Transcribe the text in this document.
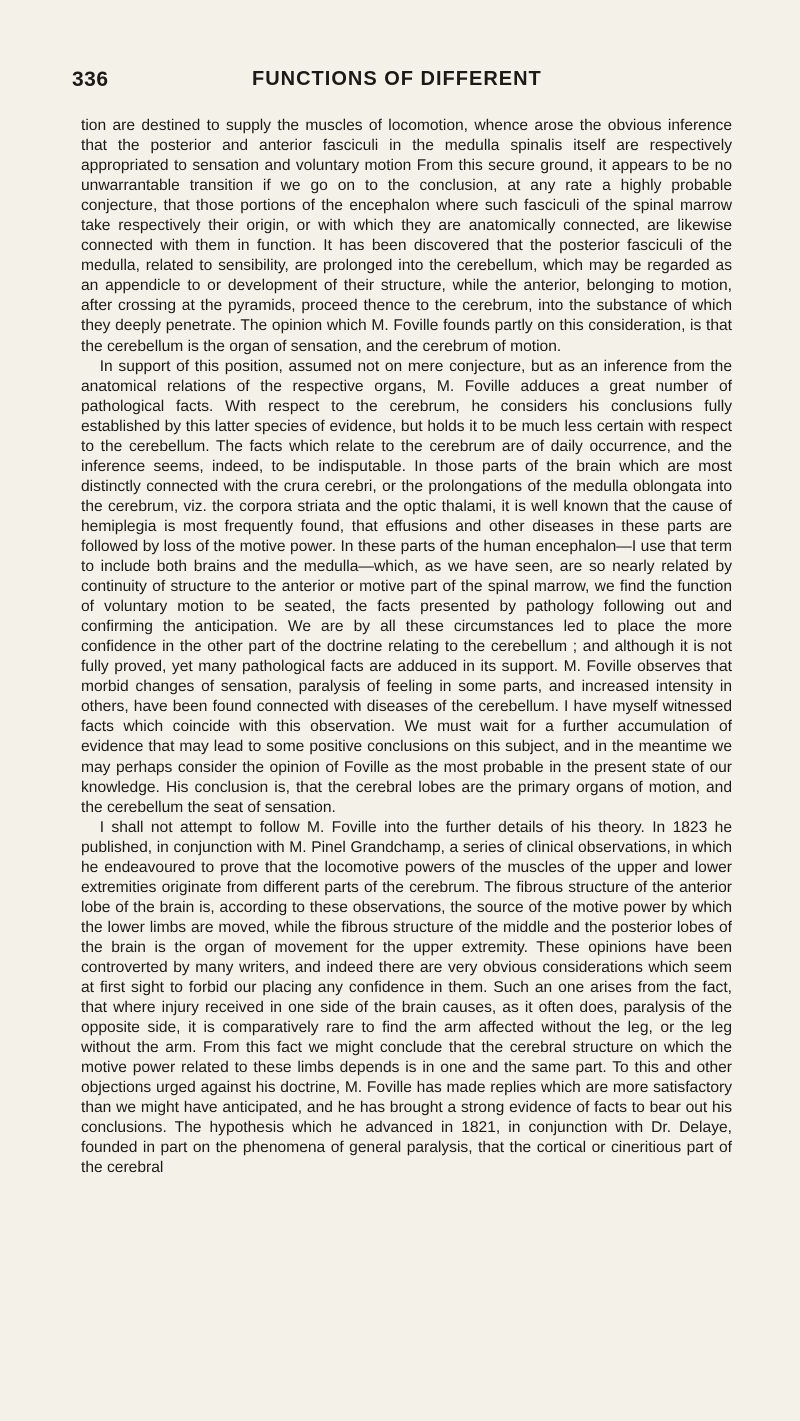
336	FUNCTIONS OF DIFFERENT

tion are destined to supply the muscles of locomotion, whence arose the obvious inference that the posterior and anterior fasciculi in the medulla spinalis itself are respectively appropriated to sensation and voluntary motion From this secure ground, it appears to be no unwarrantable transition if we go on to the conclusion, at any rate a highly probable conjecture, that those portions of the encephalon where such fasciculi of the spinal marrow take respectively their origin, or with which they are anatomically connected, are likewise connected with them in function. It has been discovered that the posterior fasciculi of the medulla, related to sensibility, are prolonged into the cerebellum, which may be regarded as an appendicle to or development of their structure, while the anterior, belonging to motion, after crossing at the pyramids, proceed thence to the cerebrum, into the substance of which they deeply penetrate. The opinion which M. Foville founds partly on this consideration, is that the cerebellum is the organ of sensation, and the cerebrum of motion.

In support of this position, assumed not on mere conjecture, but as an inference from the anatomical relations of the respective organs, M. Foville adduces a great number of pathological facts. With respect to the cerebrum, he considers his conclusions fully established by this latter species of evidence, but holds it to be much less certain with respect to the cerebellum. The facts which relate to the cerebrum are of daily occurrence, and the inference seems, indeed, to be indisputable. In those parts of the brain which are most distinctly connected with the crura cerebri, or the prolongations of the medulla oblongata into the cerebrum, viz. the corpora striata and the optic thalami, it is well known that the cause of hemiplegia is most frequently found, that effusions and other diseases in these parts are followed by loss of the motive power. In these parts of the human encephalon—I use that term to include both brains and the medulla—which, as we have seen, are so nearly related by continuity of structure to the anterior or motive part of the spinal marrow, we find the function of voluntary motion to be seated, the facts presented by pathology following out and confirming the anticipation. We are by all these circumstances led to place the more confidence in the other part of the doctrine relating to the cerebellum ; and although it is not fully proved, yet many pathological facts are adduced in its support. M. Foville observes that morbid changes of sensation, paralysis of feeling in some parts, and increased intensity in others, have been found connected with diseases of the cerebellum. I have myself witnessed facts which coincide with this observation. We must wait for a further accumulation of evidence that may lead to some positive conclusions on this subject, and in the meantime we may perhaps consider the opinion of Foville as the most probable in the present state of our knowledge. His conclusion is, that the cerebral lobes are the primary organs of motion, and the cerebellum the seat of sensation.

I shall not attempt to follow M. Foville into the further details of his theory. In 1823 he published, in conjunction with M. Pinel Grandchamp, a series of clinical observations, in which he endeavoured to prove that the locomotive powers of the muscles of the upper and lower extremities originate from different parts of the cerebrum. The fibrous structure of the anterior lobe of the brain is, according to these observations, the source of the motive power by which the lower limbs are moved, while the fibrous structure of the middle and the posterior lobes of the brain is the organ of movement for the upper extremity. These opinions have been controverted by many writers, and indeed there are very obvious considerations which seem at first sight to forbid our placing any confidence in them. Such an one arises from the fact, that where injury received in one side of the brain causes, as it often does, paralysis of the opposite side, it is comparatively rare to find the arm affected without the leg, or the leg without the arm. From this fact we might conclude that the cerebral structure on which the motive power related to these limbs depends is in one and the same part. To this and other objections urged against his doctrine, M. Foville has made replies which are more satisfactory than we might have anticipated, and he has brought a strong evidence of facts to bear out his conclusions. The hypothesis which he advanced in 1821, in conjunction with Dr. Delaye, founded in part on the phenomena of general paralysis, that the cortical or cineritious part of the cerebral
